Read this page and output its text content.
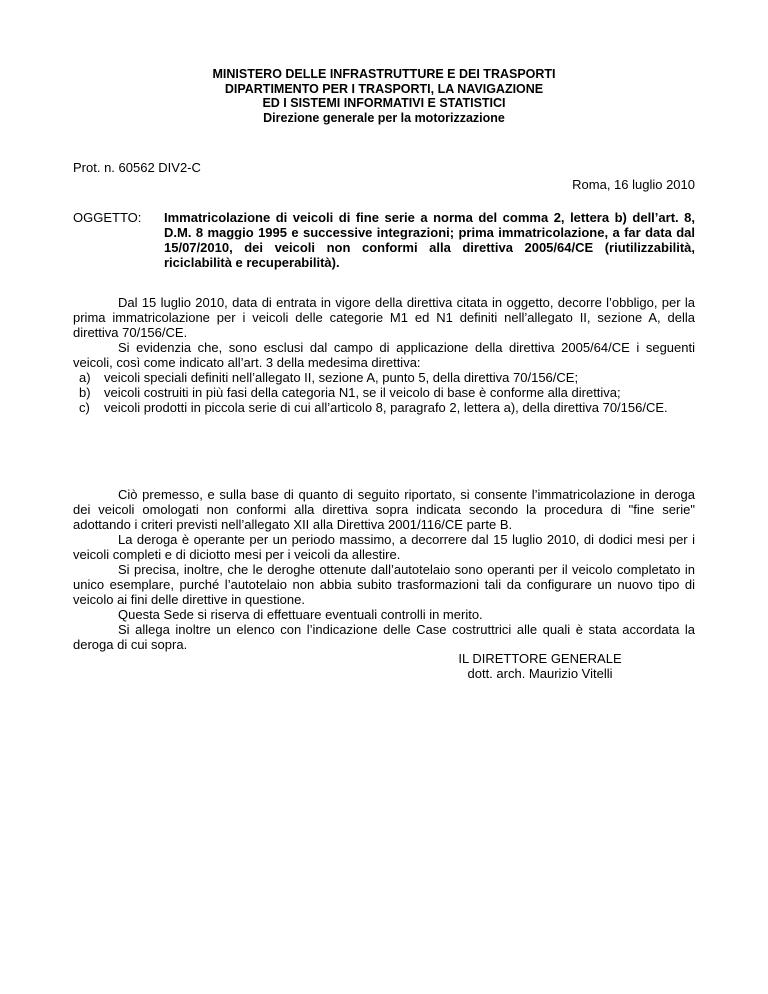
MINISTERO DELLE INFRASTRUTTURE E DEI TRASPORTI
DIPARTIMENTO PER I TRASPORTI, LA NAVIGAZIONE
ED I SISTEMI INFORMATIVI E STATISTICI
Direzione generale per la motorizzazione
Prot. n. 60562 DIV2-C
Roma, 16 luglio 2010
OGGETTO: Immatricolazione di veicoli di fine serie a norma del comma 2, lettera b) dell’art. 8, D.M. 8 maggio 1995 e successive integrazioni; prima immatricolazione, a far data dal 15/07/2010, dei veicoli non conformi alla direttiva 2005/64/CE (riutilizzabilità, riciclabilità e recuperabilità).

Dal 15 luglio 2010, data di entrata in vigore della direttiva citata in oggetto, decorre l’obbligo, per la prima immatricolazione per i veicoli delle categorie M1 ed N1 definiti nell’allegato II, sezione A, della direttiva 70/156/CE.

Si evidenzia che, sono esclusi dal campo di applicazione della direttiva 2005/64/CE i seguenti veicoli, così come indicato all’art. 3 della medesima direttiva:

a) veicoli speciali definiti nell’allegato II, sezione A, punto 5, della direttiva 70/156/CE;
b) veicoli costruiti in più fasi della categoria N1, se il veicolo di base è conforme alla direttiva;
c) veicoli prodotti in piccola serie di cui all’articolo 8, paragrafo 2, lettera a), della direttiva 70/156/CE.

Ciò premesso, e sulla base di quanto di seguito riportato, si consente l’immatricolazione in deroga dei veicoli omologati non conformi alla direttiva sopra indicata secondo la procedura di "fine serie" adottando i criteri previsti nell’allegato XII alla Direttiva 2001/116/CE parte B.

La deroga è operante per un periodo massimo, a decorrere dal 15 luglio 2010, di dodici mesi per i veicoli completi e di diciotto mesi per i veicoli da allestire.

Si precisa, inoltre, che le deroghe ottenute dall’autotelaio sono operanti per il veicolo completato in unico esemplare, purché l’autotelaio non abbia subito trasformazioni tali da configurare un nuovo tipo di veicolo ai fini delle direttive in questione.

Questa Sede si riserva di effettuare eventuali controlli in merito.

Si allega inoltre un elenco con l’indicazione delle Case costruttrici alle quali è stata accordata la deroga di cui sopra.

IL DIRETTORE GENERALE
dott. arch. Maurizio Vitelli
